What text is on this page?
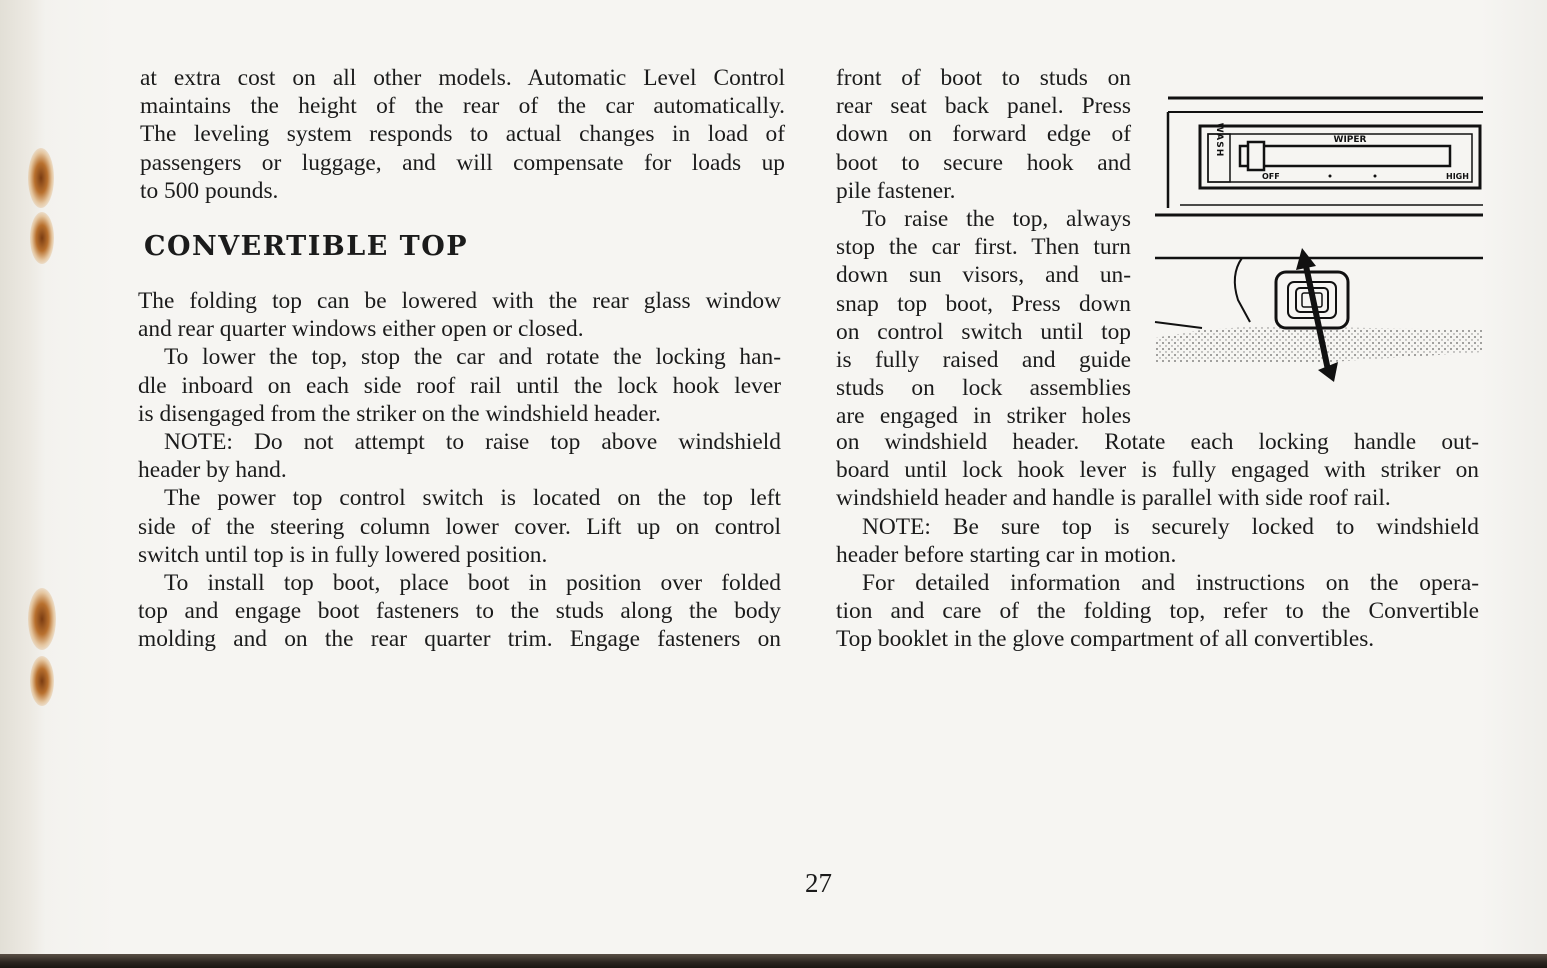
at extra cost on all other models. Automatic Level Control

maintains the height of the rear of the car automatically.

The leveling system responds to actual changes in load of

passengers or luggage, and will compensate for loads up

to 500 pounds.

CONVERTIBLE TOP

The folding top can be lowered with the rear glass window

and rear quarter windows either open or closed.

To lower the top, stop the car and rotate the locking han-

dle inboard on each side roof rail until the lock hook lever

is disengaged from the striker on the windshield header.

NOTE: Do not attempt to raise top above windshield

header by hand.

The power top control switch is located on the top left

side of the steering column lower cover. Lift up on control

switch until top is in fully lowered position.

To install top boot, place boot in position over folded

top and engage boot fasteners to the studs along the body

molding and on the rear quarter trim. Engage fasteners on

front of boot to studs on

rear seat back panel. Press

down on forward edge of

boot to secure hook and

pile fastener.

To raise the top, always

stop the car first. Then turn

down sun visors, and un-

snap top boot, Press down

on control switch until top

is fully raised and guide

studs on lock assemblies

are engaged in striker holes

on windshield header. Rotate each locking handle out-

board until lock hook lever is fully engaged with striker on

windshield header and handle is parallel with side roof rail.

NOTE: Be sure top is securely locked to windshield

header before starting car in motion.

For detailed information and instructions on the opera-

tion and care of the folding top, refer to the Convertible

Top booklet in the glove compartment of all convertibles.

WASH	WIPER
OFF	HIGH
27
